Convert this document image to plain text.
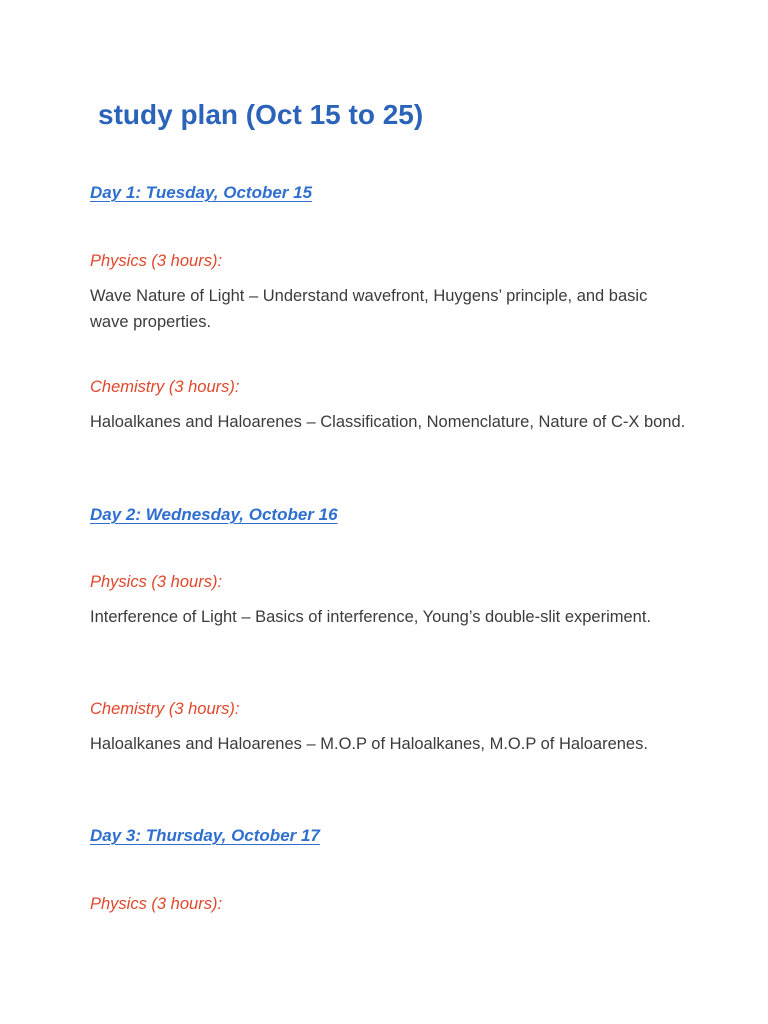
study plan (Oct 15 to 25)

Day 1: Tuesday, October 15

Physics (3 hours):

Wave Nature of Light – Understand wavefront, Huygens’ principle, and basic wave properties.

Chemistry (3 hours):

Haloalkanes and Haloarenes – Classification, Nomenclature, Nature of C-X bond.

Day 2: Wednesday, October 16

Physics (3 hours):

Interference of Light – Basics of interference, Young’s double-slit experiment.

Chemistry (3 hours):

Haloalkanes and Haloarenes – M.O.P of Haloalkanes, M.O.P of Haloarenes.

Day 3: Thursday, October 17

Physics (3 hours):
